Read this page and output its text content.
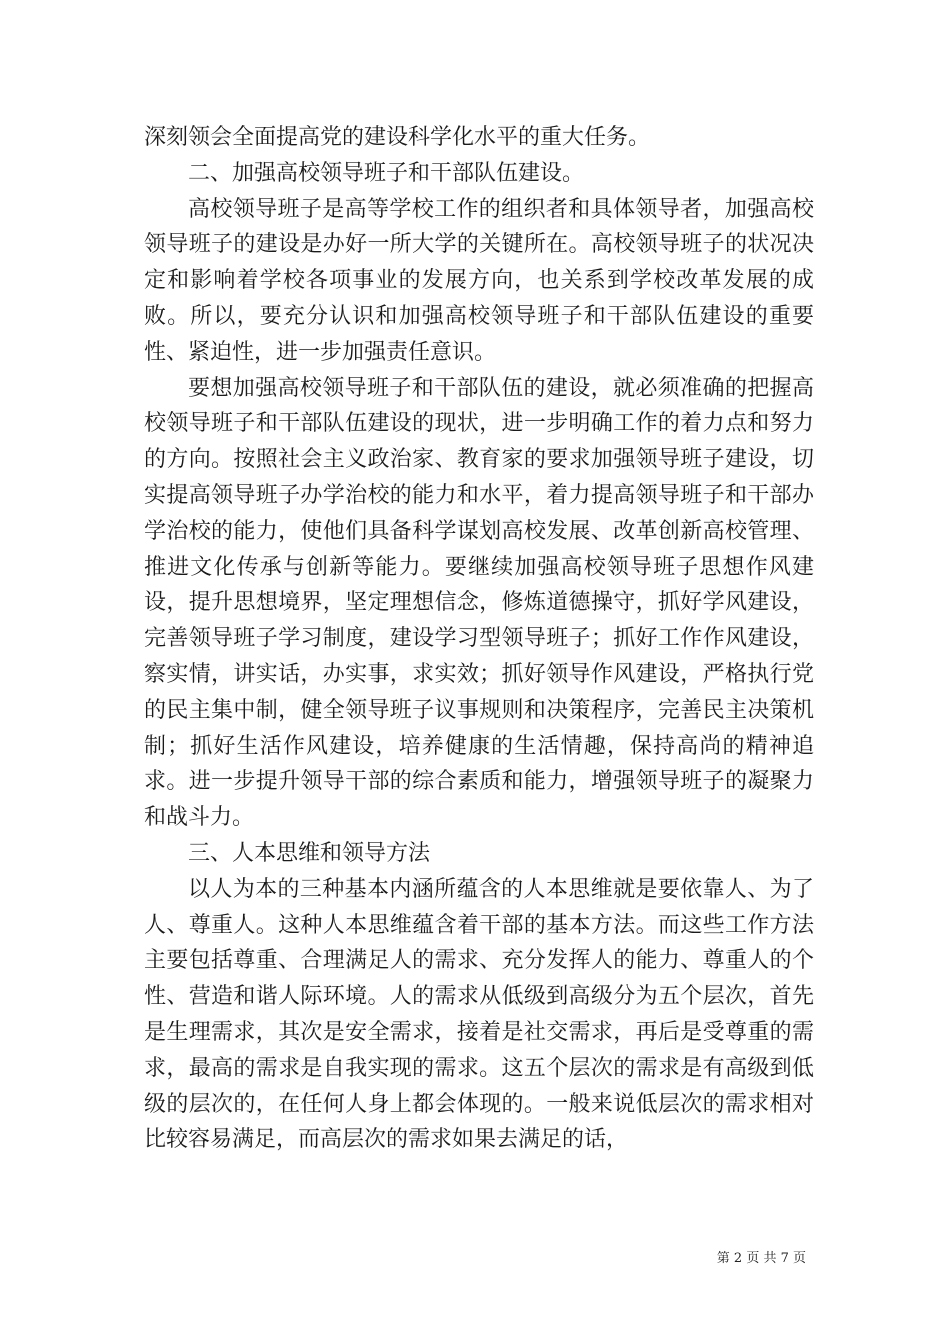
深刻领会全面提高党的建设科学化水平的重大任务。

二、加强高校领导班子和干部队伍建设。

高校领导班子是高等学校工作的组织者和具体领导者，加强高校领导班子的建设是办好一所大学的关键所在。高校领导班子的状况决定和影响着学校各项事业的发展方向，也关系到学校改革发展的成败。所以，要充分认识和加强高校领导班子和干部队伍建设的重要性、紧迫性，进一步加强责任意识。

要想加强高校领导班子和干部队伍的建设，就必须准确的把握高校领导班子和干部队伍建设的现状，进一步明确工作的着力点和努力的方向。按照社会主义政治家、教育家的要求加强领导班子建设，切实提高领导班子办学治校的能力和水平，着力提高领导班子和干部办学治校的能力，使他们具备科学谋划高校发展、改革创新高校管理、推进文化传承与创新等能力。要继续加强高校领导班子思想作风建设，提升思想境界，坚定理想信念，修炼道德操守，抓好学风建设，完善领导班子学习制度，建设学习型领导班子；抓好工作作风建设，察实情，讲实话，办实事，求实效；抓好领导作风建设，严格执行党的民主集中制，健全领导班子议事规则和决策程序，完善民主决策机制；抓好生活作风建设，培养健康的生活情趣，保持高尚的精神追求。进一步提升领导干部的综合素质和能力，增强领导班子的凝聚力和战斗力。

三、人本思维和领导方法

以人为本的三种基本内涵所蕴含的人本思维就是要依靠人、为了人、尊重人。这种人本思维蕴含着干部的基本方法。而这些工作方法主要包括尊重、合理满足人的需求、充分发挥人的能力、尊重人的个性、营造和谐人际环境。人的需求从低级到高级分为五个层次，首先是生理需求，其次是安全需求，接着是社交需求，再后是受尊重的需求，最高的需求是自我实现的需求。这五个层次的需求是有高级到低级的层次的，在任何人身上都会体现的。一般来说低层次的需求相对比较容易满足，而高层次的需求如果去满足的话，

第 2 页 共 7 页
